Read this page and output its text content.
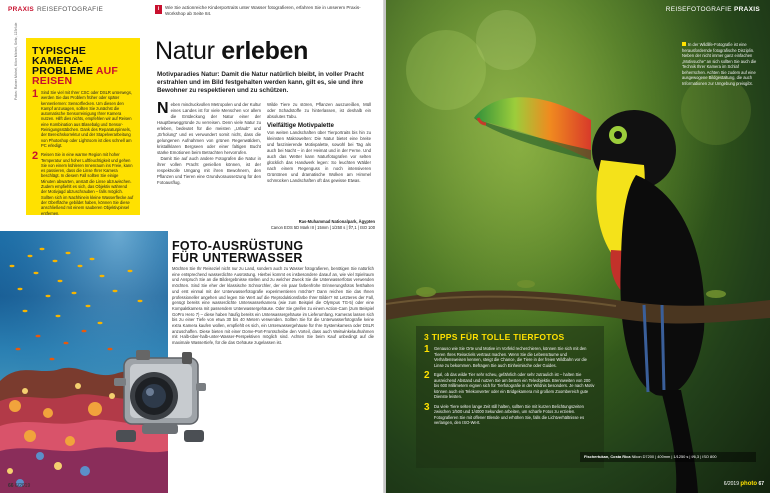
PRAXIS REISEFOTOGRAFIE	i	Wie Sie actionreiche Kinderportraits unter Wasser fotografieren, erfahren Sie in unserem Praxis-Workshop ab Seite 84.
TYPISCHE KAMERA-
PROBLEME AUF REISEN
1 Sind Sie viel mit Ihrer CSC oder DSLR unterwegs, werden Sie das Problem früher oder später kennenlernen: Sensorflecken. Um diesen den Kampf anzusagen, sollten Sie zunächst die automatische Sensorreinigung Ihrer Kamera nutzen. Hilft dies nichts, empfehlen wir auf Reisen eine Kombination aus Blasebalg und Sensor-Reinigungsstäbchen. Dank des Reparaturpinsels, der Bereichskorrektur und der Stapelverarbeitung von Photoshop oder Lightroom ist dies schnell am PC erledigt.
2 Reisen Sie in eine warme Region mit hoher Temperatur und hoher Luftfeuchtigkeit und gehen Sie von einem kühleren Innenraum ins Freie, kann es passieren, dass die Linse Ihrer Kamera beschlägt. In diesem Fall sollten Sie einige Minuten abwarten, anstatt die Linse abzuwischen. Zudem empfiehlt es sich, das Objektiv während der Motivjagd abzuschrauben – falls möglich. Sollten sich im Nachhinein kleine Wasserflecke auf der Oberfläche gebildet haben, können Sie diese anschließend mit einem sauberen Objektivpinsel entfernen.
Fotos: Rainer Michel, Kilon Michel, Seitz, 123rf.de	Natur erleben
Motivparadies Natur: Damit die Natur natürlich bleibt, in voller Pracht erstrahlen und im Bild festgehalten werden kann, gilt es, sie und ihre Bewohner zu respektieren und zu schützen.
N eben mindruckvollen Metropolen und der Kultur eines Landes ist für viele Menschen vor allem die Entdeckung der Natur einer der Hauptbeweggründe zu verreisen. Denn viele Natur zu erleben, bedeutet für die meisten „Urlaub" und „Erholung" und es verwundert somit nicht, dass die gelungenen Aufnahmen von grünen Regenwäldern, kristallklaren Bergseen oder einer faltigen Bucht starke Emotionen beim Betrachten hervorrufen.
Damit Sie auf auch andere Fotografen die Natur in ihrer vollen Pracht genießen können, ist der respektvolle Umgang mit ihren Bewohnern, den Pflanzen und Tieren eine Grundvoraussetzung für den Fotoausflug.
Wilde Tiere zu stören, Pflanzen auszureißen, Müll oder Schadstoffe zu hinterlassen, ist deshalb ein absolutes Tabu.
Vielfältige Motivpalette
Von weiten Landschaften über Tierportraits bis hin zu kleinsten Makrowelten: Die Natur bietet eine breite und faszinierende Motivpalette, sowohl bei Tag als auch bei Nacht – in der Heimat und in der Ferne. Und auch das Wetter kann Naturfotografen vor selten glücklich das Handwerk legen: So leuchten Wälder nach einem Regenguss in noch intensiveren Grüntönen und dramatische Wolken am Himmel schmücken Landschaften oft das gewisse Etwas.
Ras-Muhammad Nationalpark, Ägypten
Canon EOS 5D Mark III | 15mm | 1/250 s | f/7,1 | ISO 100
FOTO-AUSRÜSTUNG
FÜR UNTERWASSER
Möchten Sie Ihr Reiseziel nicht nur zu Land, sondern auch zu Wasser fotografieren, benötigen Sie natürlich eine entsprechend wasserdichte Ausrüstung. Hierbei kommt es insbesondere darauf an, wie viel Spielraum und Anspruch Sie an die Bildergebnisse stellen und zu welcher Zweck Sie die Unterwasserfotos verwenden möchten. Sind Sie eher der klassische Schnorchler, der ein paar farbenfrohe Erinnerungsfotos festhalten und erst einmal mit der Unterwasserfotografie experimentieren möchte? Dann reichen Sie das Ihnen professioneller angehen und legen Sie Wert auf die Reproduktionsfarbe Ihrer Bilder? Ist Letzteres der Fall, genügt bereits eine wasserdichte Unterwasserkamera (wie zum Beispiel die Olympus TG-5) oder eine Kompaktkamera mit passendem Unterwassergehäuse. Oder Sie greifen zu einem Action-Cam (zum Beispiel GoPro Hero 7) – diese haben häufig bereits ein Unterwassergehäuse im Lieferumfang. Kameras lassen sich bis zu einer Tiefe von etwa 30 bis 40 Metern verwenden. Sollten Sie für die Unterwasserfotografie keine extra Kamera kaufen wollen, empfiehlt es sich, ein Unterwassergehäuse für Ihre Systemkamera oder DSLR anzuschaffen. Diese bieten mit einer Dome-Port-Frontscheibe den Vorteil, dass auch Weitwinkelaufnahmen mit Halb-über-halb-unter-Wasser-Perspektiven möglich sind. Achten Sie beim Kauf unbedingt auf die maximale Wassertiefe, für die das Gehäuse zugelassen ist.
66 6/2019
REISEFOTOGRAFIE PRAXIS
In der Wildlife-Fotografie ist eine herausfordernde fotografische Disziplin. Neben der nicht immer ganz einfachen „Motivsuche" an sich sollten Sie auch die Technik Ihrer Kamera im Schlaf beherrschen. Achten Sie zudem auf eine ausgewogene Bildgestaltung, die auch Informationen zur Umgebung preisgibt.
3 TIPPS FÜR TOLLE TIERFOTOS
1 Genauso wie Sie Orte und Motive im Vorfeld recherchieren, können Sie sich mit den Tieren Ihres Reiseziels vertraut machen. Wenn Sie die Lebensräume und Verhaltensweisen kennen, steigt die Chance, die Tiere in der freien Wildbahn vor die Linse zu bekommen. Befragen Sie auch Einheimische oder Guides.
2 Egal, ob das wilde Tier sehr scheu, gefährlich oder sehr zutraulich ist – halten Sie ausreichend Abstand und nutzen Sie am besten ein Teleobjektiv. Brennweiten von 200 bis 600 Millimetern eignen sich für Tierfotografie in der Wildnis besonders. Je nach Motiv können auch ein Telekonverter oder ein Bridgekamera mit großem Zoombereich gute Dienste leisten.
3 Da viele Tiere selten lange Zeit still halten, sollten Sie mit kurzen Belichtungszeiten zwischen 1/500 und 1/4000 Sekunden arbeiten, um scharfe Fotos zu erzielen. Fotografieren Sie mit offener Blende und erhöhen Sie, falls die Lichtverhältnisse es verlangen, den ISO-Wert.
Fischertukan, Costa Rica Nikon D7200 | 400mm | 1/1250 s | f/6,3 | ISO 800
6/2019 photo 67
